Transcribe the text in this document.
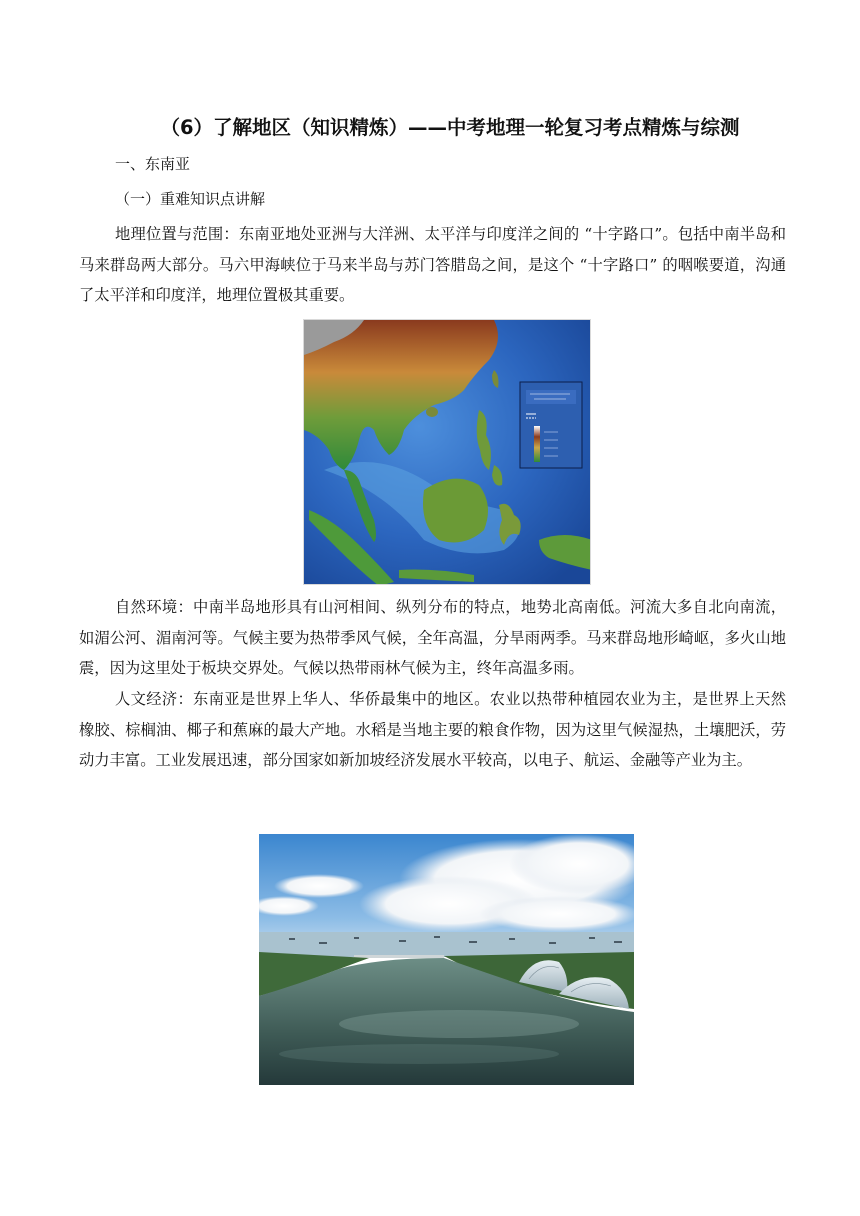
（6）了解地区（知识精炼）——中考地理一轮复习考点精炼与综测
一、东南亚
（一）重难知识点讲解

地理位置与范围：东南亚地处亚洲与大洋洲、太平洋与印度洋之间的 “十字路口”。包括中南半岛和马来群岛两大部分。马六甲海峡位于马来半岛与苏门答腊岛之间，是这个 “十字路口” 的咽喉要道，沟通了太平洋和印度洋，地理位置极其重要。

自然环境：中南半岛地形具有山河相间、纵列分布的特点，地势北高南低。河流大多自北向南流，如湄公河、湄南河等。气候主要为热带季风气候，全年高温，分旱雨两季。马来群岛地形崎岖，多火山地震，因为这里处于板块交界处。气候以热带雨林气候为主，终年高温多雨。

人文经济：东南亚是世界上华人、华侨最集中的地区。农业以热带种植园农业为主，是世界上天然橡胶、棕榈油、椰子和蕉麻的最大产地。水稻是当地主要的粮食作物，因为这里气候湿热，土壤肥沃，劳动力丰富。工业发展迅速，部分国家如新加坡经济发展水平较高，以电子、航运、金融等产业为主。
